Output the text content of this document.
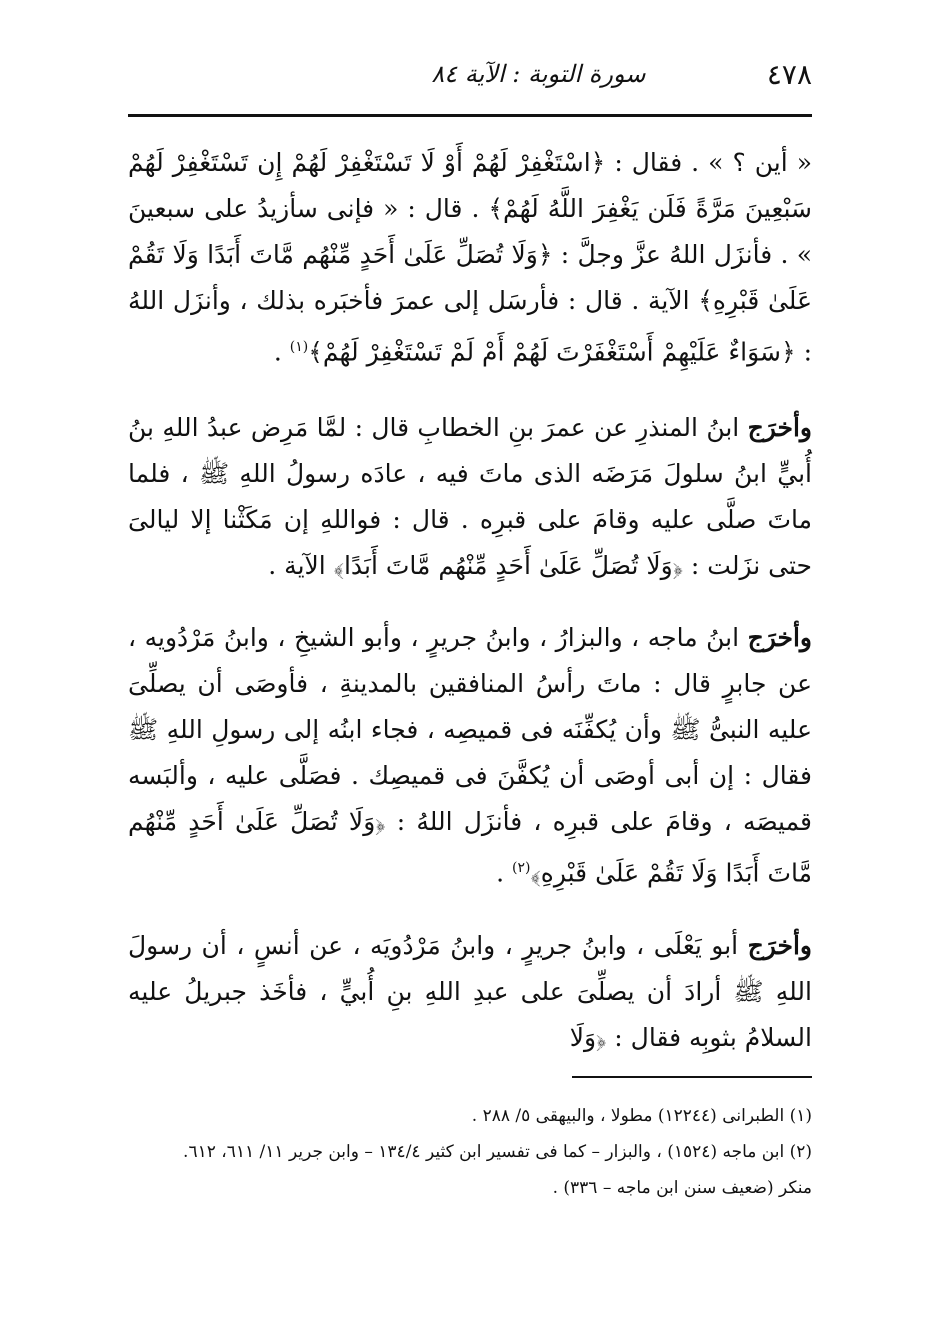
٤٧٨
سورة التوبة : الآية ٨٤

« أين ؟ » . فقال : ﴿اسْتَغْفِرْ لَهُمْ أَوْ لَا تَسْتَغْفِرْ لَهُمْ إِن تَسْتَغْفِرْ لَهُمْ سَبْعِينَ مَرَّةً فَلَن يَغْفِرَ اللَّهُ لَهُمْ﴾ . قال : « فإنى سأزيدُ على سبعينَ » . فأنزَل اللهُ عزَّ وجلَّ : ﴿وَلَا تُصَلِّ عَلَىٰ أَحَدٍ مِّنْهُم مَّاتَ أَبَدًا وَلَا تَقُمْ عَلَىٰ قَبْرِهِ﴾ الآية . قال : فأرسَل إلى عمرَ فأخبَره بذلك ، وأنزَل اللهُ : ﴿سَوَاءٌ عَلَيْهِمْ أَسْتَغْفَرْتَ لَهُمْ أَمْ لَمْ تَسْتَغْفِرْ لَهُمْ﴾$^{(١)}$ .

وأخرَج ابنُ المنذرِ عن عمرَ بنِ الخطابِ قال : لمَّا مَرِض عبدُ اللهِ بنُ أُبيٍّ ابنُ سلولَ مَرَضَه الذى ماتَ فيه ، عادَه رسولُ اللهِ ﷺ ، فلما ماتَ صلَّى عليه وقامَ على قبرِه . قال : فواللهِ إن مَكَثْنا إلا ليالىَ حتى نزَلت : ﴿وَلَا تُصَلِّ عَلَىٰ أَحَدٍ مِّنْهُم مَّاتَ أَبَدًا﴾ الآية .

وأخرَج ابنُ ماجه ، والبزارُ ، وابنُ جريرٍ ، وأبو الشيخِ ، وابنُ مَرْدُويه ، عن جابرٍ قال : ماتَ رأسُ المنافقين بالمدينةِ ، فأوصَى أن يصلِّىَ عليه النبىُّ ﷺ وأن يُكفِّنَه فى قميصِه ، فجاء ابنُه إلى رسولِ اللهِ ﷺ فقال : إن أبى أوصَى أن يُكفَّنَ فى قميصِك . فصَلَّى عليه ، وألبَسه قميصَه ، وقامَ على قبرِه ، فأنزَل اللهُ : ﴿وَلَا تُصَلِّ عَلَىٰ أَحَدٍ مِّنْهُم مَّاتَ أَبَدًا وَلَا تَقُمْ عَلَىٰ قَبْرِهِ﴾$^{(٢)}$ .

وأخرَج أبو يَعْلَى ، وابنُ جريرٍ ، وابنُ مَرْدُويَه ، عن أنسٍ ، أن رسولَ اللهِ ﷺ أرادَ أن يصلِّىَ على عبدِ اللهِ بنِ أُبيٍّ ، فأخَذ جبريلُ عليه السلامُ بثوبِه فقال : ﴿وَلَا

(١) الطبرانى (١٢٢٤٤) مطولا ، والبيهقى ٥/ ٢٨٨ .
(٢) ابن ماجه (١٥٢٤) ، والبزار – كما فى تفسير ابن كثير ١٣٤/٤ – وابن جرير ١١/ ٦١١، ٦١٢.
منكر (ضعيف سنن ابن ماجه – ٣٣٦) .
